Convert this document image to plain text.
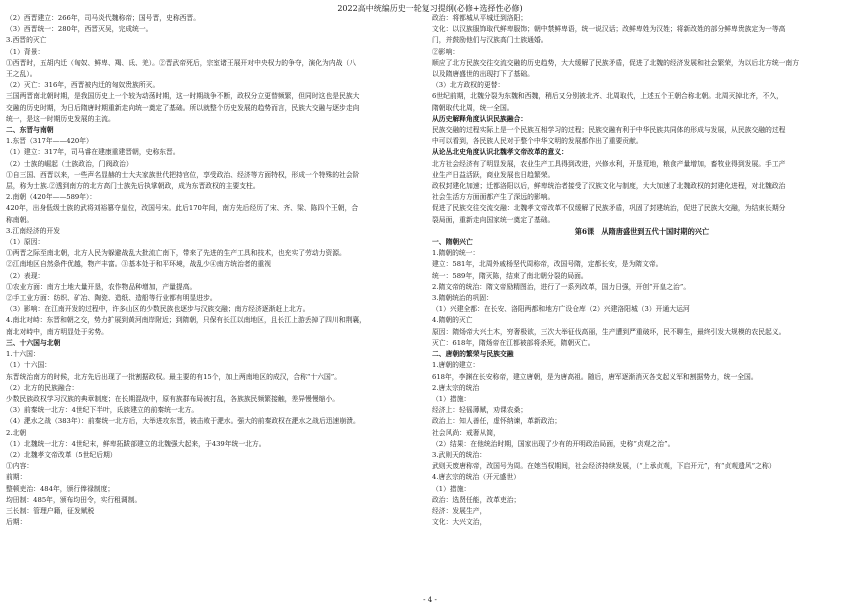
2022高中统编历史一轮复习提纲(必修+选择性必修)
（2）西晋建立：266年，司马炎代魏称帝；国号晋，史称西晋。
（3）西晋统一：280年，西晋灭吴，完成统一。
3.西晋的灭亡
（1）背景：
①西晋时，五胡内迁（匈奴、鲜卑、羯、氐、羌）。②晋武帝死后，宗室诸王展开对中央权力的争夺，演化为内战（八
王之乱）。
（2）灭亡：316年，西晋被内迁的匈奴贵族所灭。
三国两晋南北朝时期，是我国历史上一个较为动荡时期，这一时期战争不断，政权分立更替频繁，但同时这也是民族大
交融的历史时期，为日后隋唐时期重新走向统一奠定了基础。所以就整个历史发展的趋势而言，民族大交融与逐步走向
统一，是这一时期历史发展的主流。
二、东晋与南朝
1.东晋（317年——420年）
（1）建立：317年，司马睿在建康重建晋朝，史称东晋。
（2）士族的崛起（士族政治，门阀政治）
①自三国、西晋以来，一些声名显赫的士大夫家族世代把持官位，享受政治、经济等方面特权，形成一个特殊的社会阶
层，称为士族.②透到南方的北方高门士族先后执掌朝政，成为东晋政权的主要支柱。
2.南朝（420年——589年）：
420年，出身低级士族的武将刘裕篡夺皇位，改国号宋。此后170年间，南方先后经历了宋、齐、梁、陈四个王朝，合
称南朝。
3.江南经济的开发
（1）原因：
①两晋之际至南北朝，北方人民为躲避战乱大批流亡南下，带来了先进的生产工具和技术，也充实了劳动力资源。
②江南地区自然条件优越，物产丰富。③基本处于和平环境，战乱少④南方统治者的重视
（2）表现：
①农业方面：南方土地大量开垦，农作物品种增加，产量提高。
②手工业方面：纺织、矿冶、陶瓷、造纸、造船等行业都有明显进步。
（3）影响：在江南开发的过程中，许多山区的少数民族也逐步与汉族交融；南方经济逐渐赶上北方。
4.南北对峙：东晋和朝之交，势力扩展到黄河南岸附近；到隋朝，只保有长江以南地区，且长江上游丢掉了四川和荆襄，
南北对峙中，南方明显处于劣势。
三、十六国与北朝
1.十六国：
（1）十六国：
东晋统治南方的时候，北方先后出现了一批割据政权。最主要的有15个，加上两南地区的成汉，合称“十六国”。
（2）北方的民族融合：
少数民族政权学习汉族的典章制度；在长期混战中，原有族群布局被打乱，各族族民频繁接触，差异慢慢缩小。
（3）前秦统一北方：4世纪下半叶，氐族建立的前秦统一北方。
（4）淝水之战（383年）：前秦统一北方后，大举进攻东晋，被击败于淝水。强大的前秦政权在淝水之战后迅速崩溃。
2.北朝
（1）北魏统一北方：4世纪末，鲜卑拓跋部建立的北魏强大起来，于439年统一北方。
（2）北魏孝文帝改革（5世纪后期）
①内容：
前期：
整顿吏治：484年，颁行俸禄制度；
均田制：485年，颁布均田令，实行租调制。
三长制：管理户籍，征发赋税
后期：
政治：将都城从平城迁到洛阳；
文化：以汉族服饰取代鲜卑服饰；朝中禁鲜卑语，统一说汉话；改鲜卑姓为汉姓；将新改姓的部分鲜卑贵族定为一等高
门，并鼓励他们与汉族高门士族通婚。
②影响：
顺应了北方民族交往交流交融的历史趋势，大大缓解了民族矛盾，促进了北魏的经济发展和社会繁荣，为以后北方统一南方
以及隋唐盛世的出现打下了基础。
（3）北方政权的更替：
6世纪前期，北魏分裂为东魏和西魏，稍后又分别被北齐、北周取代，上述五个王朝合称北朝。北周灭掉北齐，不久，
隋朝取代北周，统一全国。
从历史解释角度认识民族融合：
民族交融的过程实际上是一个民族互相学习的过程；民族交融有利于中华民族共同体的形成与发展，从民族交融的过程
中可以看到，各民族人民对于整个中华文明的发展都作出了重要贡献。
从论丛北史角度认识北魏孝文帝改革的意义：
北方社会经济有了明显发展，农业生产工具得到改进，兴修水利，开垦荒地，粮食产量增加，畜牧业得到发展。手工产
业生产日益活跃，商业发展也日趋繁荣。
政权封建化加速；迁都洛阳以后，鲜卑统治者接受了汉族文化与制度，大大加速了北魏政权的封建化进程，对北魏政治
社会生活方方面面都产生了深远的影响。
促进了民族交往交流交融：北魏孝文帝改革不仅缓解了民族矛盾，巩固了封建统治，促进了民族大交融，为结束长期分
裂局面，重新走向国家统一奠定了基础。
第6课　从隋唐盛世到五代十国时期的兴亡
一、隋朝兴亡
1.隋朝的统一：
建立：581年，北周外戚杨坚代周称帝，改国号隋，定都长安，是为隋文帝。
统一：589年，隋灭陈，结束了南北朝分裂的局面。
2.隋文帝的统治：隋文帝励精图治，进行了一系列改革，国力日强，开创“开皇之治”。
3.隋朝统治的巩固：
（1）兴建全都：在长安、洛阳两都和地方广设仓库（2）兴建洛阳城（3）开通大运河
4.隋朝的灭亡
原因：隋炀帝大兴土木，穷奢极欲，三次大举征伐高丽，生产遭到严重破坏，民不聊生，最终引发大规模的农民起义。
灭亡：618年，隋炀帝在江都被部将杀死，隋朝灭亡。
二、唐朝的繁荣与民族交融
1.唐朝的建立：
618年，李渊在长安称帝，建立唐朝，是为唐高祖。随后，唐军逐渐消灭各支起义军和割据势力，统一全国。
2.唐太宗的统治
（1）措施：
经济上：轻徭薄赋，劝课农桑；
政治上：知人善任，虚怀纳谏，革新政治；
社会风尚：戒奢从简，
（2）结果：在他统治时期，国家出现了少有的开明政治局面，史称“贞观之治”。
3.武则天的统治：
武则天废唐称帝，改国号为周。在她当权期间，社会经济持续发展，（“上承贞观，下启开元”，有“贞观遗风”之称）
4.唐玄宗的统治（开元盛世）
（1）措施：
政治：选贤任能，改革吏治；
经济：发展生产，
文化：大兴文治，
- 4 -
